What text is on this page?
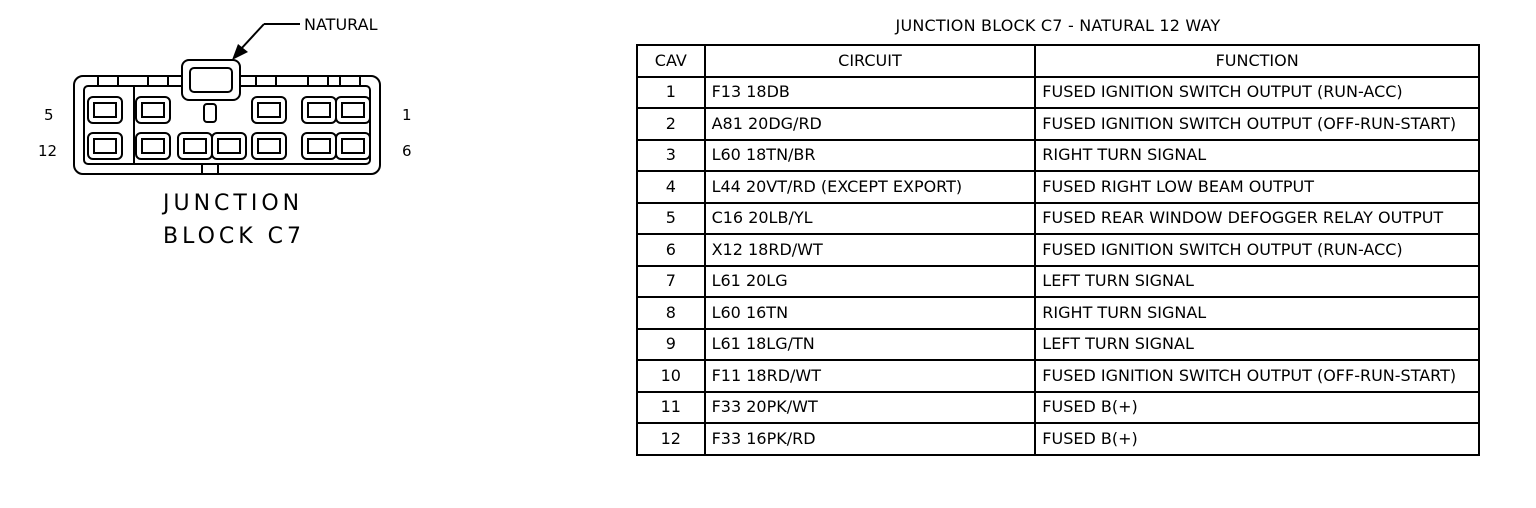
NATURAL
5
12
1
6
JUNCTION
BLOCK C7
JUNCTION BLOCK C7 - NATURAL 12 WAY
CAV	CIRCUIT	FUNCTION
1	F13 18DB	FUSED IGNITION SWITCH OUTPUT (RUN-ACC)
2	A81 20DG/RD	FUSED IGNITION SWITCH OUTPUT (OFF-RUN-START)
3	L60 18TN/BR	RIGHT TURN SIGNAL
4	L44 20VT/RD (EXCEPT EXPORT)	FUSED RIGHT LOW BEAM OUTPUT
5	C16 20LB/YL	FUSED REAR WINDOW DEFOGGER RELAY OUTPUT
6	X12 18RD/WT	FUSED IGNITION SWITCH OUTPUT (RUN-ACC)
7	L61 20LG	LEFT TURN SIGNAL
8	L60 16TN	RIGHT TURN SIGNAL
9	L61 18LG/TN	LEFT TURN SIGNAL
10	F11 18RD/WT	FUSED IGNITION SWITCH OUTPUT (OFF-RUN-START)
11	F33 20PK/WT	FUSED B(+)
12	F33 16PK/RD	FUSED B(+)
